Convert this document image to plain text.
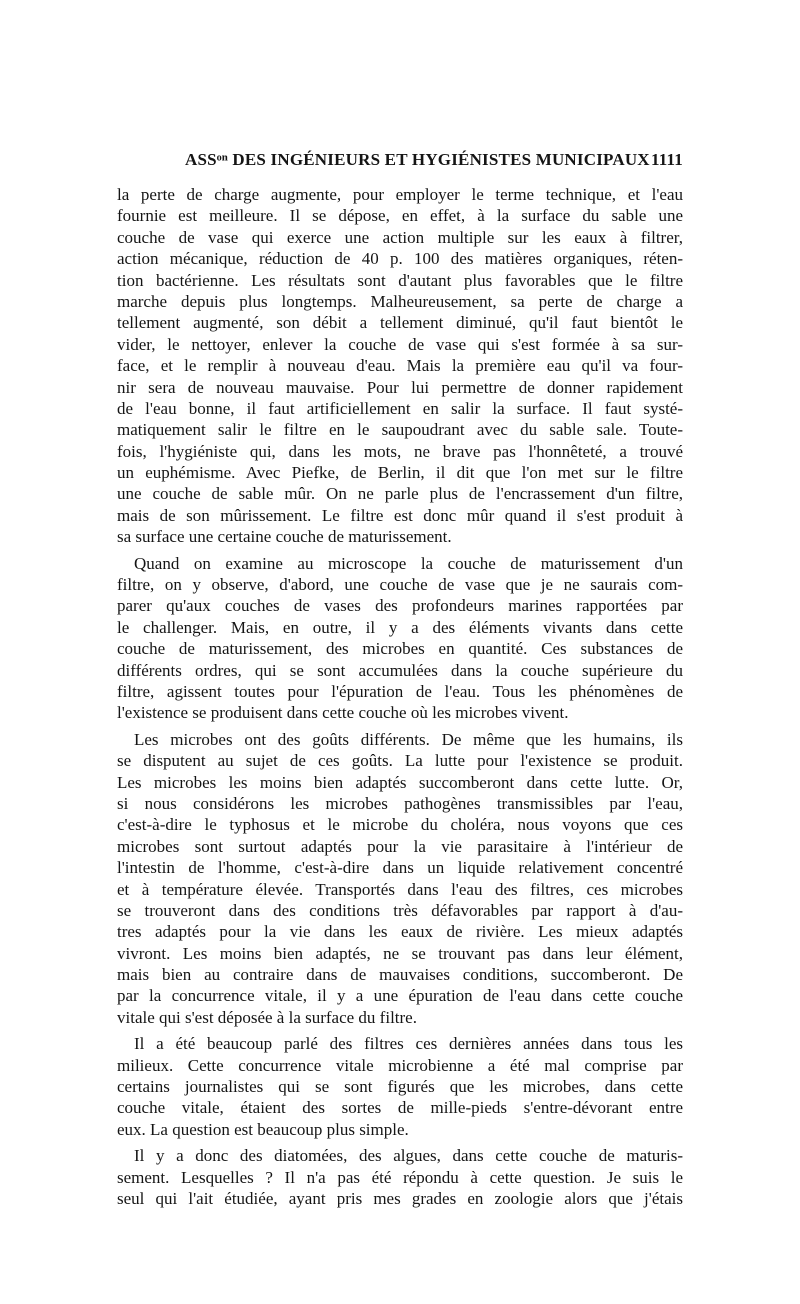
ASSᵒⁿ DES INGÉNIEURS ET HYGIÉNISTES MUNICIPAUX 1111

la perte de charge augmente, pour employer le terme technique, et l'eau
fournie est meilleure. Il se dépose, en effet, à la surface du sable une
couche de vase qui exerce une action multiple sur les eaux à filtrer,
action mécanique, réduction de 40 p. 100 des matières organiques, réten-
tion bactérienne. Les résultats sont d'autant plus favorables que le filtre
marche depuis plus longtemps. Malheureusement, sa perte de charge a
tellement augmenté, son débit a tellement diminué, qu'il faut bientôt le
vider, le nettoyer, enlever la couche de vase qui s'est formée à sa sur-
face, et le remplir à nouveau d'eau. Mais la première eau qu'il va four-
nir sera de nouveau mauvaise. Pour lui permettre de donner rapidement
de l'eau bonne, il faut artificiellement en salir la surface. Il faut systé-
matiquement salir le filtre en le saupoudrant avec du sable sale. Toute-
fois, l'hygiéniste qui, dans les mots, ne brave pas l'honnêteté, a trouvé
un euphémisme. Avec Piefke, de Berlin, il dit que l'on met sur le filtre
une couche de sable mûr. On ne parle plus de l'encrassement d'un filtre,
mais de son mûrissement. Le filtre est donc mûr quand il s'est produit à
sa surface une certaine couche de maturissement.

Quand on examine au microscope la couche de maturissement d'un
filtre, on y observe, d'abord, une couche de vase que je ne saurais com-
parer qu'aux couches de vases des profondeurs marines rapportées par
le challenger. Mais, en outre, il y a des éléments vivants dans cette
couche de maturissement, des microbes en quantité. Ces substances de
différents ordres, qui se sont accumulées dans la couche supérieure du
filtre, agissent toutes pour l'épuration de l'eau. Tous les phénomènes de
l'existence se produisent dans cette couche où les microbes vivent.

Les microbes ont des goûts différents. De même que les humains, ils
se disputent au sujet de ces goûts. La lutte pour l'existence se produit.
Les microbes les moins bien adaptés succomberont dans cette lutte. Or,
si nous considérons les microbes pathogènes transmissibles par l'eau,
c'est-à-dire le typhosus et le microbe du choléra, nous voyons que ces
microbes sont surtout adaptés pour la vie parasitaire à l'intérieur de
l'intestin de l'homme, c'est-à-dire dans un liquide relativement concentré
et à température élevée. Transportés dans l'eau des filtres, ces microbes
se trouveront dans des conditions très défavorables par rapport à d'au-
tres adaptés pour la vie dans les eaux de rivière. Les mieux adaptés
vivront. Les moins bien adaptés, ne se trouvant pas dans leur élément,
mais bien au contraire dans de mauvaises conditions, succomberont. De
par la concurrence vitale, il y a une épuration de l'eau dans cette couche
vitale qui s'est déposée à la surface du filtre.

Il a été beaucoup parlé des filtres ces dernières années dans tous les
milieux. Cette concurrence vitale microbienne a été mal comprise par
certains journalistes qui se sont figurés que les microbes, dans cette
couche vitale, étaient des sortes de mille-pieds s'entre-dévorant entre
eux. La question est beaucoup plus simple.

Il y a donc des diatomées, des algues, dans cette couche de maturis-
sement. Lesquelles ? Il n'a pas été répondu à cette question. Je suis le
seul qui l'ait étudiée, ayant pris mes grades en zoologie alors que j'étais
